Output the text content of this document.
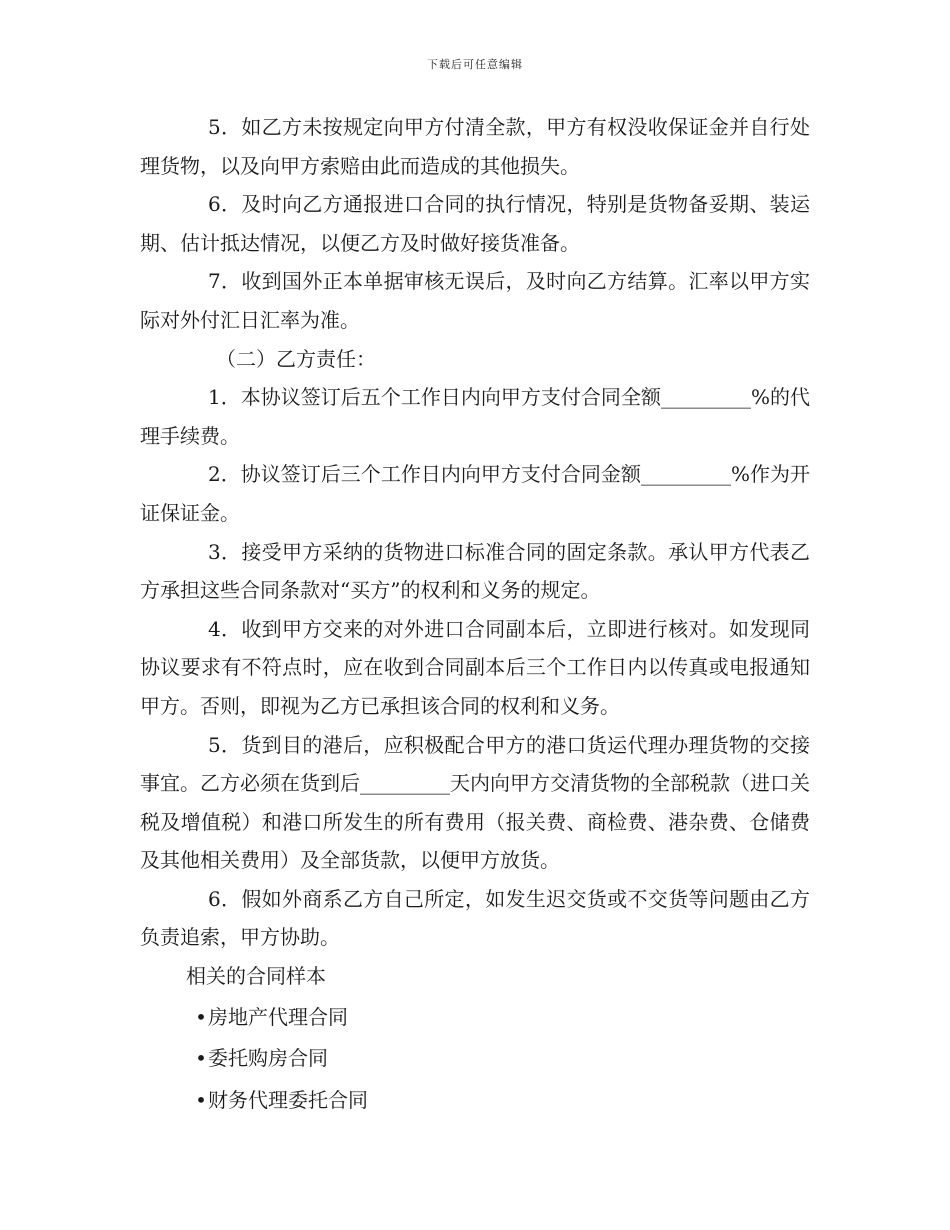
下载后可任意编辑

5．如乙方未按规定向甲方付清全款，甲方有权没收保证金并自行处理货物，以及向甲方索赔由此而造成的其他损失。

6．及时向乙方通报进口合同的执行情况，特别是货物备妥期、装运期、估计抵达情况，以便乙方及时做好接货准备。

7．收到国外正本单据审核无误后，及时向乙方结算。汇率以甲方实际对外付汇日汇率为准。

（二）乙方责任：

1．本协议签订后五个工作日内向甲方支付合同全额_________%的代理手续费。

2．协议签订后三个工作日内向甲方支付合同金额_________%作为开证保证金。

3．接受甲方采纳的货物进口标准合同的固定条款。承认甲方代表乙方承担这些合同条款对“买方”的权利和义务的规定。

4．收到甲方交来的对外进口合同副本后，立即进行核对。如发现同协议要求有不符点时，应在收到合同副本后三个工作日内以传真或电报通知甲方。否则，即视为乙方已承担该合同的权利和义务。

5．货到目的港后，应积极配合甲方的港口货运代理办理货物的交接事宜。乙方必须在货到后_________天内向甲方交清货物的全部税款（进口关税及增值税）和港口所发生的所有费用（报关费、商检费、港杂费、仓储费及其他相关费用）及全部货款，以便甲方放货。

6．假如外商系乙方自己所定，如发生迟交货或不交货等问题由乙方负责追索，甲方协助。

相关的合同样本

•房地产代理合同
•委托购房合同
•财务代理委托合同
